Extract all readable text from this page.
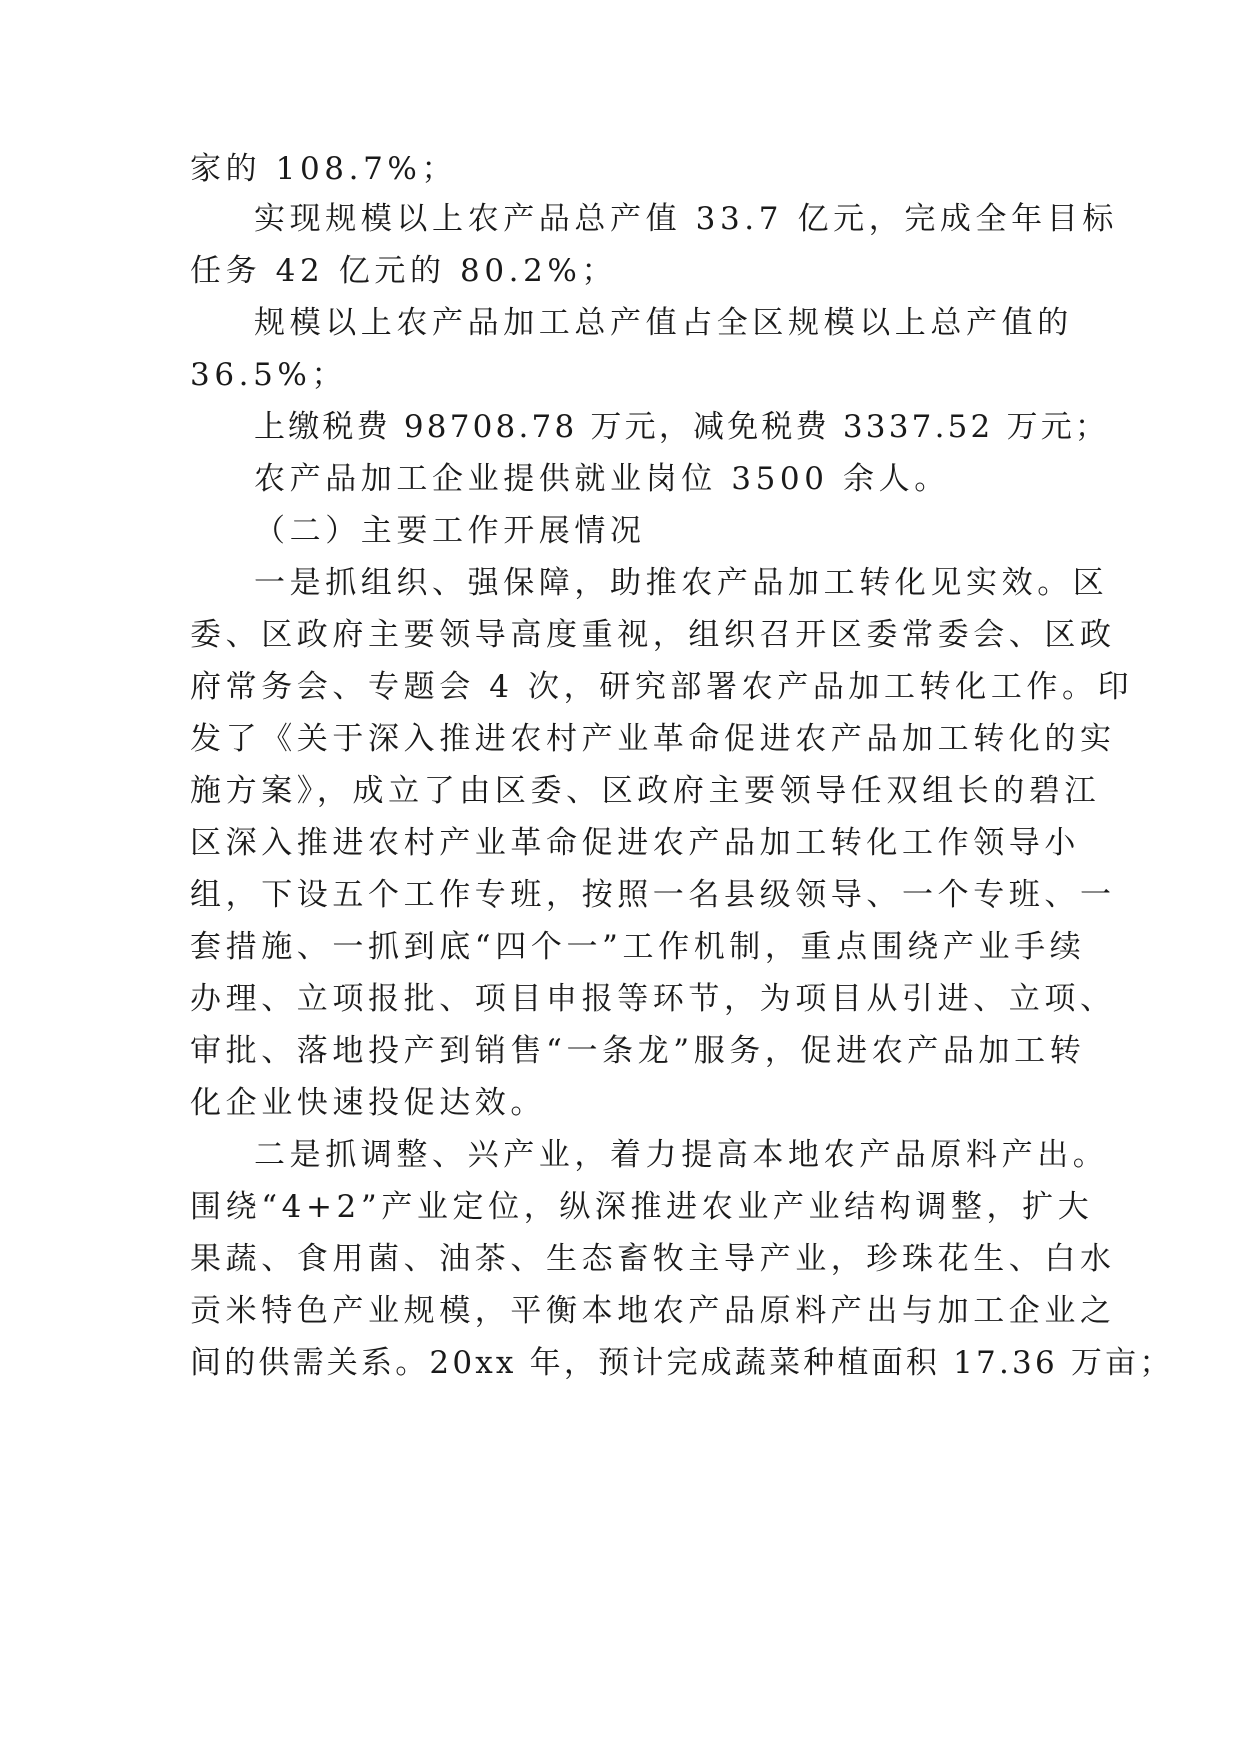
家的 108.7%；
实现规模以上农产品总产值 33.7 亿元，完成全年目标
任务 42 亿元的 80.2%；
规模以上农产品加工总产值占全区规模以上总产值的
36.5%；
上缴税费 98708.78 万元，减免税费 3337.52 万元；
农产品加工企业提供就业岗位 3500 余人。
（二）主要工作开展情况
一是抓组织、强保障，助推农产品加工转化见实效。区
委、区政府主要领导高度重视，组织召开区委常委会、区政
府常务会、专题会 4 次，研究部署农产品加工转化工作。印
发了《关于深入推进农村产业革命促进农产品加工转化的实
施方案》，成立了由区委、区政府主要领导任双组长的碧江
区深入推进农村产业革命促进农产品加工转化工作领导小
组，下设五个工作专班，按照一名县级领导、一个专班、一
套措施、一抓到底“四个一”工作机制，重点围绕产业手续
办理、立项报批、项目申报等环节，为项目从引进、立项、
审批、落地投产到销售“一条龙”服务，促进农产品加工转
化企业快速投促达效。
二是抓调整、兴产业，着力提高本地农产品原料产出。
围绕“4+2”产业定位，纵深推进农业产业结构调整，扩大
果蔬、食用菌、油茶、生态畜牧主导产业，珍珠花生、白水
贡米特色产业规模，平衡本地农产品原料产出与加工企业之
间的供需关系。20xx 年，预计完成蔬菜种植面积 17.36 万亩；
